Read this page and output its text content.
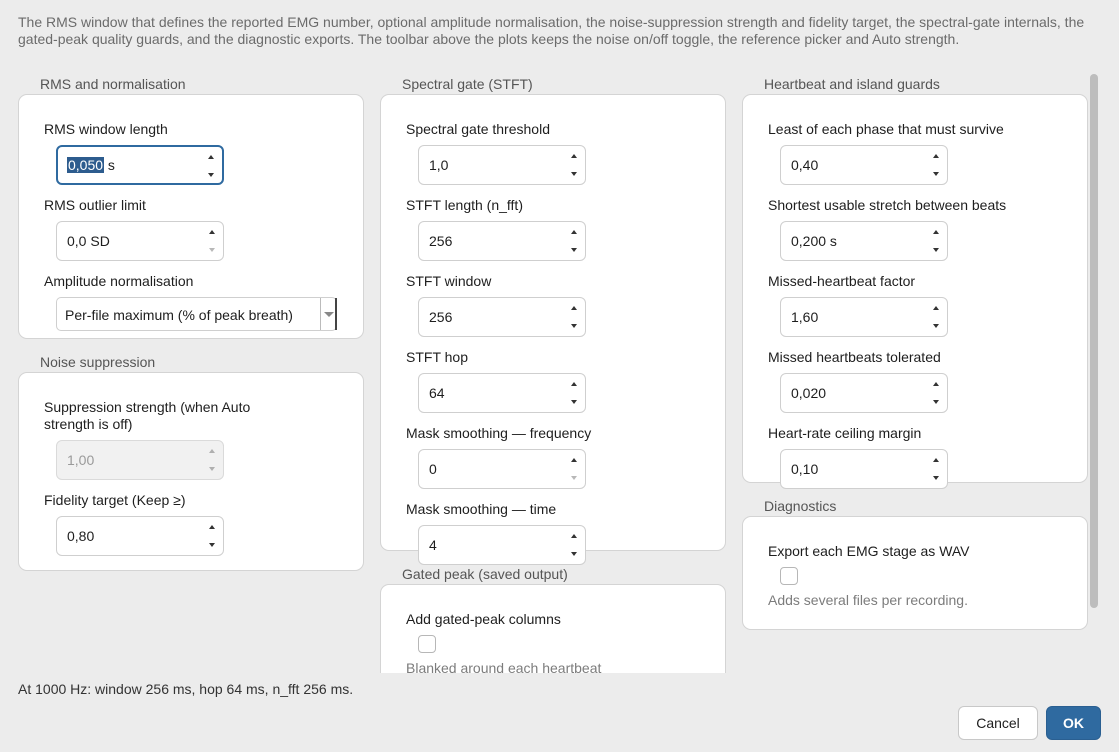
The RMS window that defines the reported EMG number, optional amplitude normalisation, the noise-suppression strength and fidelity target, the spectral-gate internals, the gated-peak quality guards, and the diagnostic exports. The toolbar above the plots keeps the noise on/off toggle, the reference picker and Auto strength.
RMS and normalisation
RMS window length
0,050 s
RMS outlier limit
0,0 SD
Amplitude normalisation
Per-file maximum (% of peak breath)
Noise suppression
Suppression strength (when Auto strength is off)
1,00
Fidelity target (Keep ≥)
0,80
Spectral gate (STFT)
Spectral gate threshold
1,0
STFT length (n_fft)
256
STFT window
256
STFT hop
64
Mask smoothing — frequency
0
Mask smoothing — time
4
Gated peak (saved output)
Add gated-peak columns
Blanked around each heartbeat
Heartbeat and island guards
Least of each phase that must survive
0,40
Shortest usable stretch between beats
0,200 s
Missed-heartbeat factor
1,60
Missed heartbeats tolerated
0,020
Heart-rate ceiling margin
0,10
Diagnostics
Export each EMG stage as WAV
Adds several files per recording.
At 1000 Hz: window 256 ms, hop 64 ms, n_fft 256 ms.
Cancel	OK
